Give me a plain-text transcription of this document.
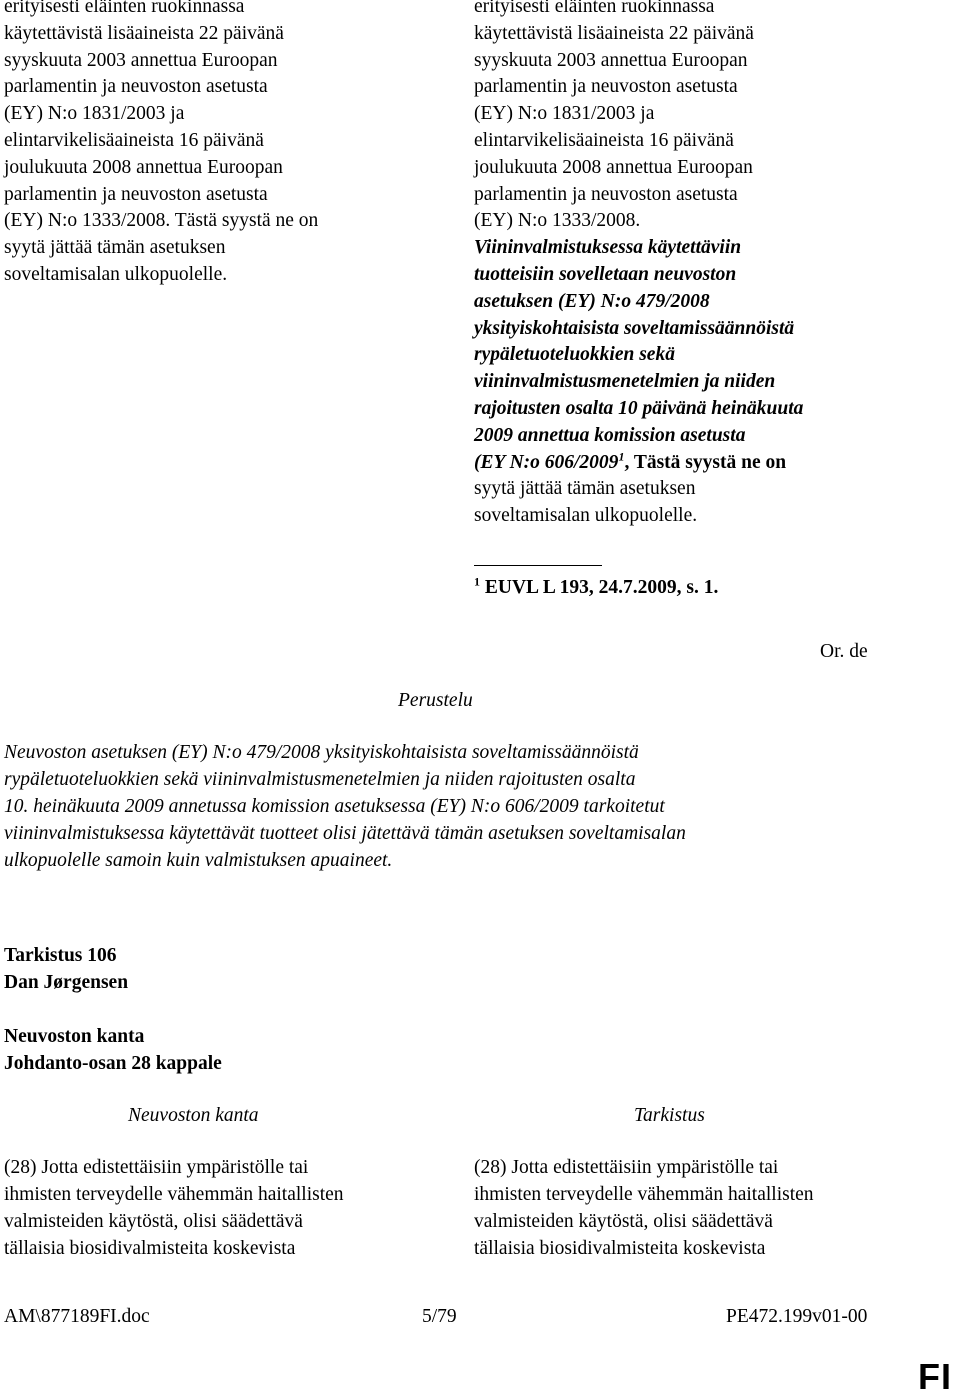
erityisesti eläinten ruokinnassa
käytettävistä lisäaineista 22 päivänä
syyskuuta 2003 annettua Euroopan
parlamentin ja neuvoston asetusta
(EY) N:o 1831/2003 ja
elintarvikelisäaineista 16 päivänä
joulukuuta 2008 annettua Euroopan
parlamentin ja neuvoston asetusta
(EY) N:o 1333/2008. Tästä syystä ne on
syytä jättää tämän asetuksen
soveltamisalan ulkopuolelle.

erityisesti eläinten ruokinnassa
käytettävistä lisäaineista 22 päivänä
syyskuuta 2003 annettua Euroopan
parlamentin ja neuvoston asetusta
(EY) N:o 1831/2003 ja
elintarvikelisäaineista 16 päivänä
joulukuuta 2008 annettua Euroopan
parlamentin ja neuvoston asetusta
(EY) N:o 1333/2008.
Viininvalmistuksessa käytettäviin
tuotteisiin sovelletaan neuvoston
asetuksen (EY) N:o 479/2008
yksityiskohtaisista soveltamissäännöistä
rypäletuoteluokkien sekä
viininvalmistusmenetelmien ja niiden
rajoitusten osalta 10 päivänä heinäkuuta
2009 annettua komission asetusta
(EY N:o 606/2009$^1$, Tästä syystä ne on
syytä jättää tämän asetuksen
soveltamisalan ulkopuolelle.

$^1$ EUVL L 193, 24.7.2009, s. 1.
Or. de
Perustelu

Neuvoston asetuksen (EY) N:o 479/2008 yksityiskohtaisista soveltamissäännöistä
rypäletuoteluokkien sekä viininvalmistusmenetelmien ja niiden rajoitusten osalta
10. heinäkuuta 2009 annetussa komission asetuksessa (EY) N:o 606/2009 tarkoitetut
viininvalmistuksessa käytettävät tuotteet olisi jätettävä tämän asetuksen soveltamisalan
ulkopuolelle samoin kuin valmistuksen apuaineet.

Tarkistus 106
Dan Jørgensen
Neuvoston kanta
Johdanto-osan 28 kappale
Neuvoston kanta	Tarkistus

(28) Jotta edistettäisiin ympäristölle tai
ihmisten terveydelle vähemmän haitallisten
valmisteiden käytöstä, olisi säädettävä
tällaisia biosidivalmisteita koskevista

(28) Jotta edistettäisiin ympäristölle tai
ihmisten terveydelle vähemmän haitallisten
valmisteiden käytöstä, olisi säädettävä
tällaisia biosidivalmisteita koskevista

AM\877189FI.doc	5/79	PE472.199v01-00
FI
